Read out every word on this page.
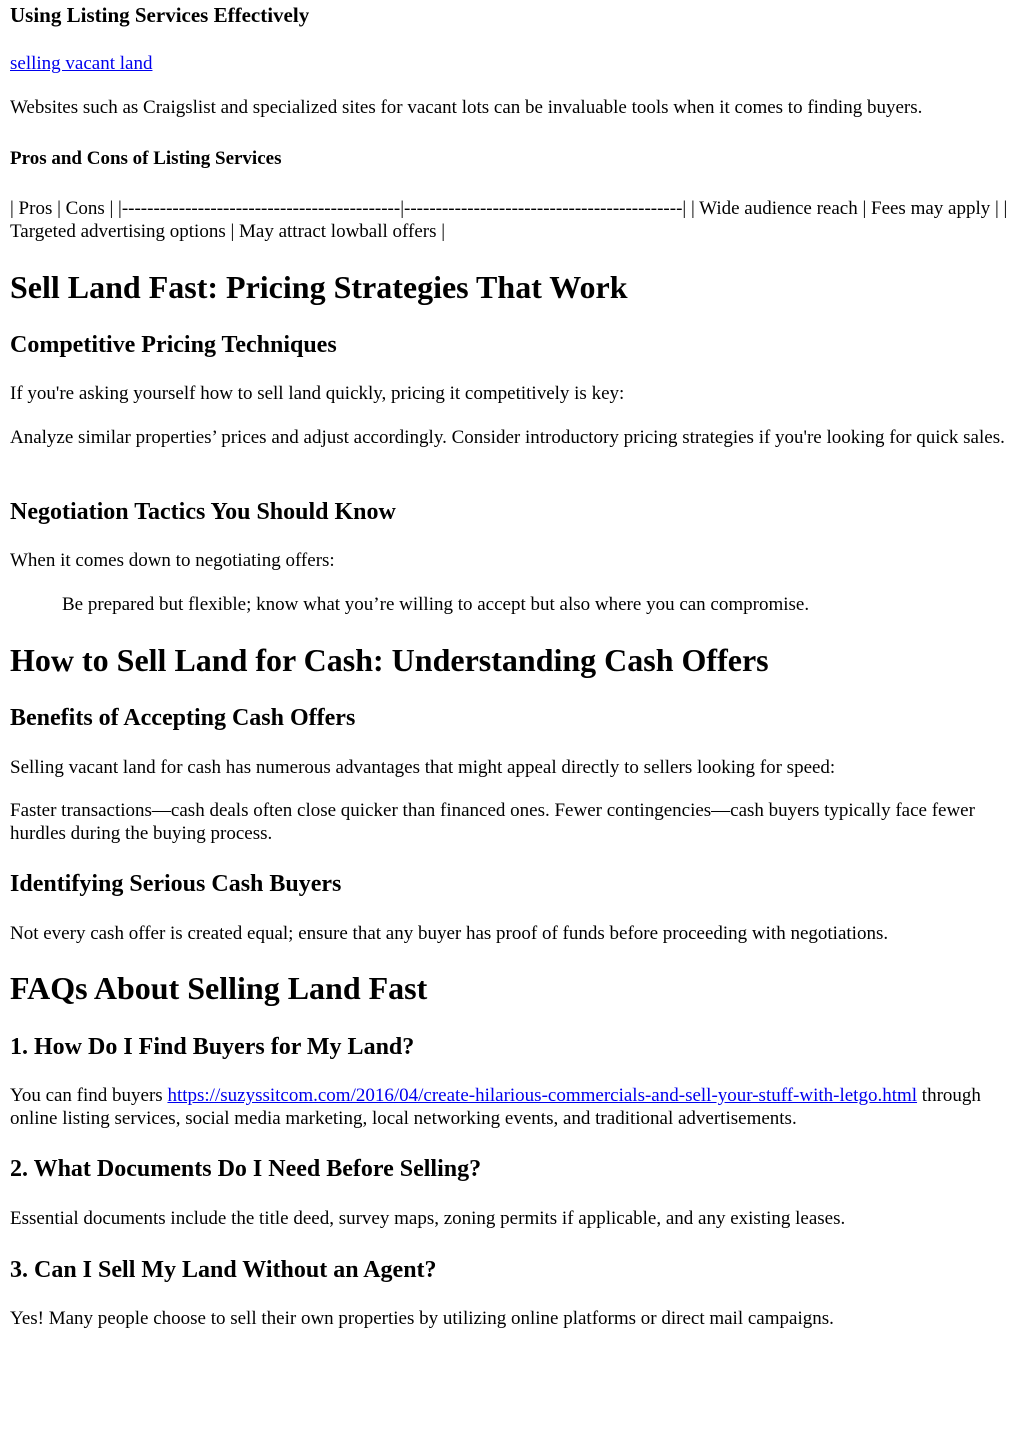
Using Listing Services Effectively
selling vacant land

Websites such as Craigslist and specialized sites for vacant lots can be invaluable tools when it comes to finding buyers.

Pros and Cons of Listing Services

| Pros | Cons | |--------------------------------------------|--------------------------------------------| | Wide audience reach | Fees may apply | | Targeted advertising options | May attract lowball offers |

Sell Land Fast: Pricing Strategies That Work
Competitive Pricing Techniques

If you're asking yourself how to sell land quickly, pricing it competitively is key:

Analyze similar properties’ prices and adjust accordingly. Consider introductory pricing strategies if you're looking for quick sales.

Negotiation Tactics You Should Know

When it comes down to negotiating offers:

Be prepared but flexible; know what you’re willing to accept but also where you can compromise.

How to Sell Land for Cash: Understanding Cash Offers
Benefits of Accepting Cash Offers

Selling vacant land for cash has numerous advantages that might appeal directly to sellers looking for speed:

Faster transactions—cash deals often close quicker than financed ones. Fewer contingencies—cash buyers typically face fewer hurdles during the buying process.

Identifying Serious Cash Buyers

Not every cash offer is created equal; ensure that any buyer has proof of funds before proceeding with negotiations.

FAQs About Selling Land Fast
1. How Do I Find Buyers for My Land?

You can find buyers https://suzyssitcom.com/2016/04/create-hilarious-commercials-and-sell-your-stuff-with-letgo.html through online listing services, social media marketing, local networking events, and traditional advertisements.

2. What Documents Do I Need Before Selling?

Essential documents include the title deed, survey maps, zoning permits if applicable, and any existing leases.

3. Can I Sell My Land Without an Agent?

Yes! Many people choose to sell their own properties by utilizing online platforms or direct mail campaigns.
